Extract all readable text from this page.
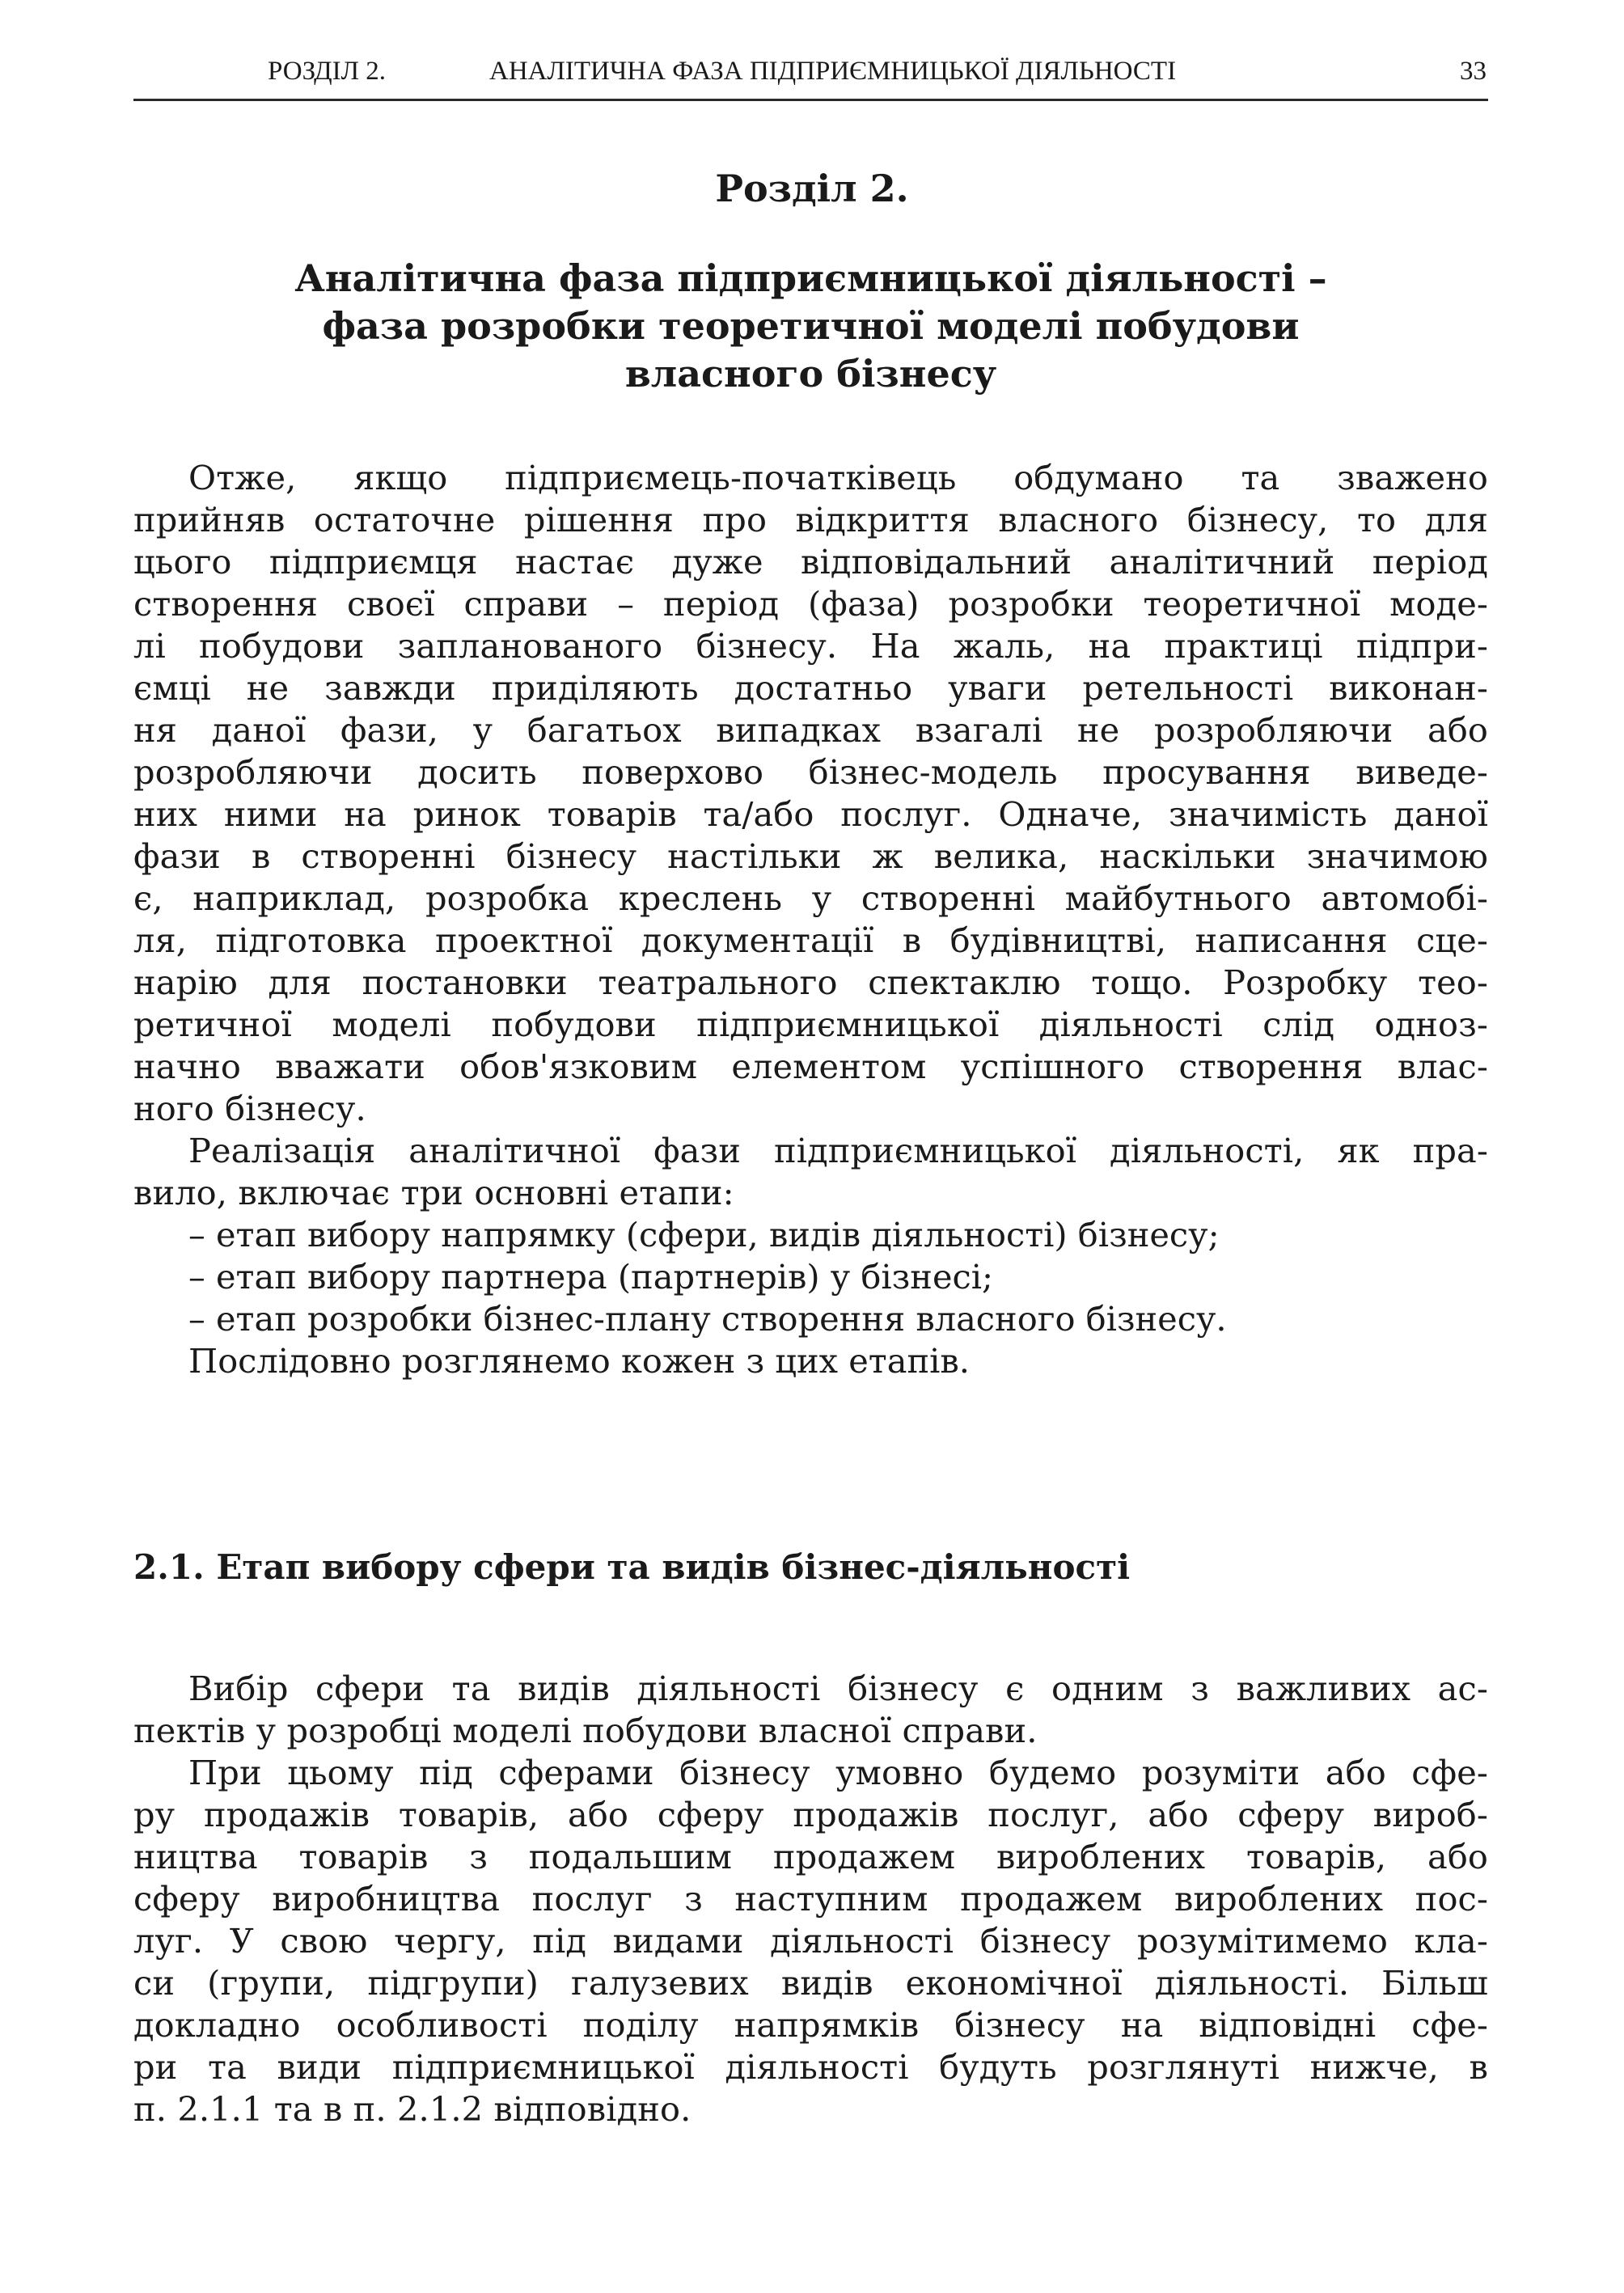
РОЗДІЛ 2.	АНАЛІТИЧНА ФАЗА ПІДПРИЄМНИЦЬКОЇ ДІЯЛЬНОСТІ	33
Розділ 2.
Аналітична фаза підприємницької діяльності –
фаза розробки теоретичної моделі побудови
власного бізнесу
Отже, якщо підприємець-початківець обдумано та зважено
прийняв остаточне рішення про відкриття власного бізнесу, то для
цього підприємця настає дуже відповідальний аналітичний період
створення своєї справи – період (фаза) розробки теоретичної моде-
лі побудови запланованого бізнесу. На жаль, на практиці підпри-
ємці не завжди приділяють достатньо уваги ретельності виконан-
ня даної фази, у багатьох випадках взагалі не розробляючи або
розробляючи досить поверхово бізнес-модель просування виведе-
них ними на ринок товарів та/або послуг. Одначе, значимість даної
фази в створенні бізнесу настільки ж велика, наскільки значимою
є, наприклад, розробка креслень у створенні майбутнього автомобі-
ля, підготовка проектної документації в будівництві, написання сце-
нарію для постановки театрального спектаклю тощо. Розробку тео-
ретичної моделі побудови підприємницької діяльності слід одноз-
начно вважати обов'язковим елементом успішного створення влас-
ного бізнесу.
Реалізація аналітичної фази підприємницької діяльності, як пра-
вило, включає три основні етапи:
– етап вибору напрямку (сфери, видів діяльності) бізнесу;
– етап вибору партнера (партнерів) у бізнесі;
– етап розробки бізнес-плану створення власного бізнесу.
Послідовно розглянемо кожен з цих етапів.
2.1. Етап вибору сфери та видів бізнес-діяльності
Вибір сфери та видів діяльності бізнесу є одним з важливих ас-
пектів у розробці моделі побудови власної справи.
При цьому під сферами бізнесу умовно будемо розуміти або сфе-
ру продажів товарів, або сферу продажів послуг, або сферу вироб-
ництва товарів з подальшим продажем вироблених товарів, або
сферу виробництва послуг з наступним продажем вироблених пос-
луг. У свою чергу, під видами діяльності бізнесу розумітимемо кла-
си (групи, підгрупи) галузевих видів економічної діяльності. Більш
докладно особливості поділу напрямків бізнесу на відповідні сфе-
ри та види підприємницької діяльності будуть розглянуті нижче, в
п. 2.1.1 та в п. 2.1.2 відповідно.
